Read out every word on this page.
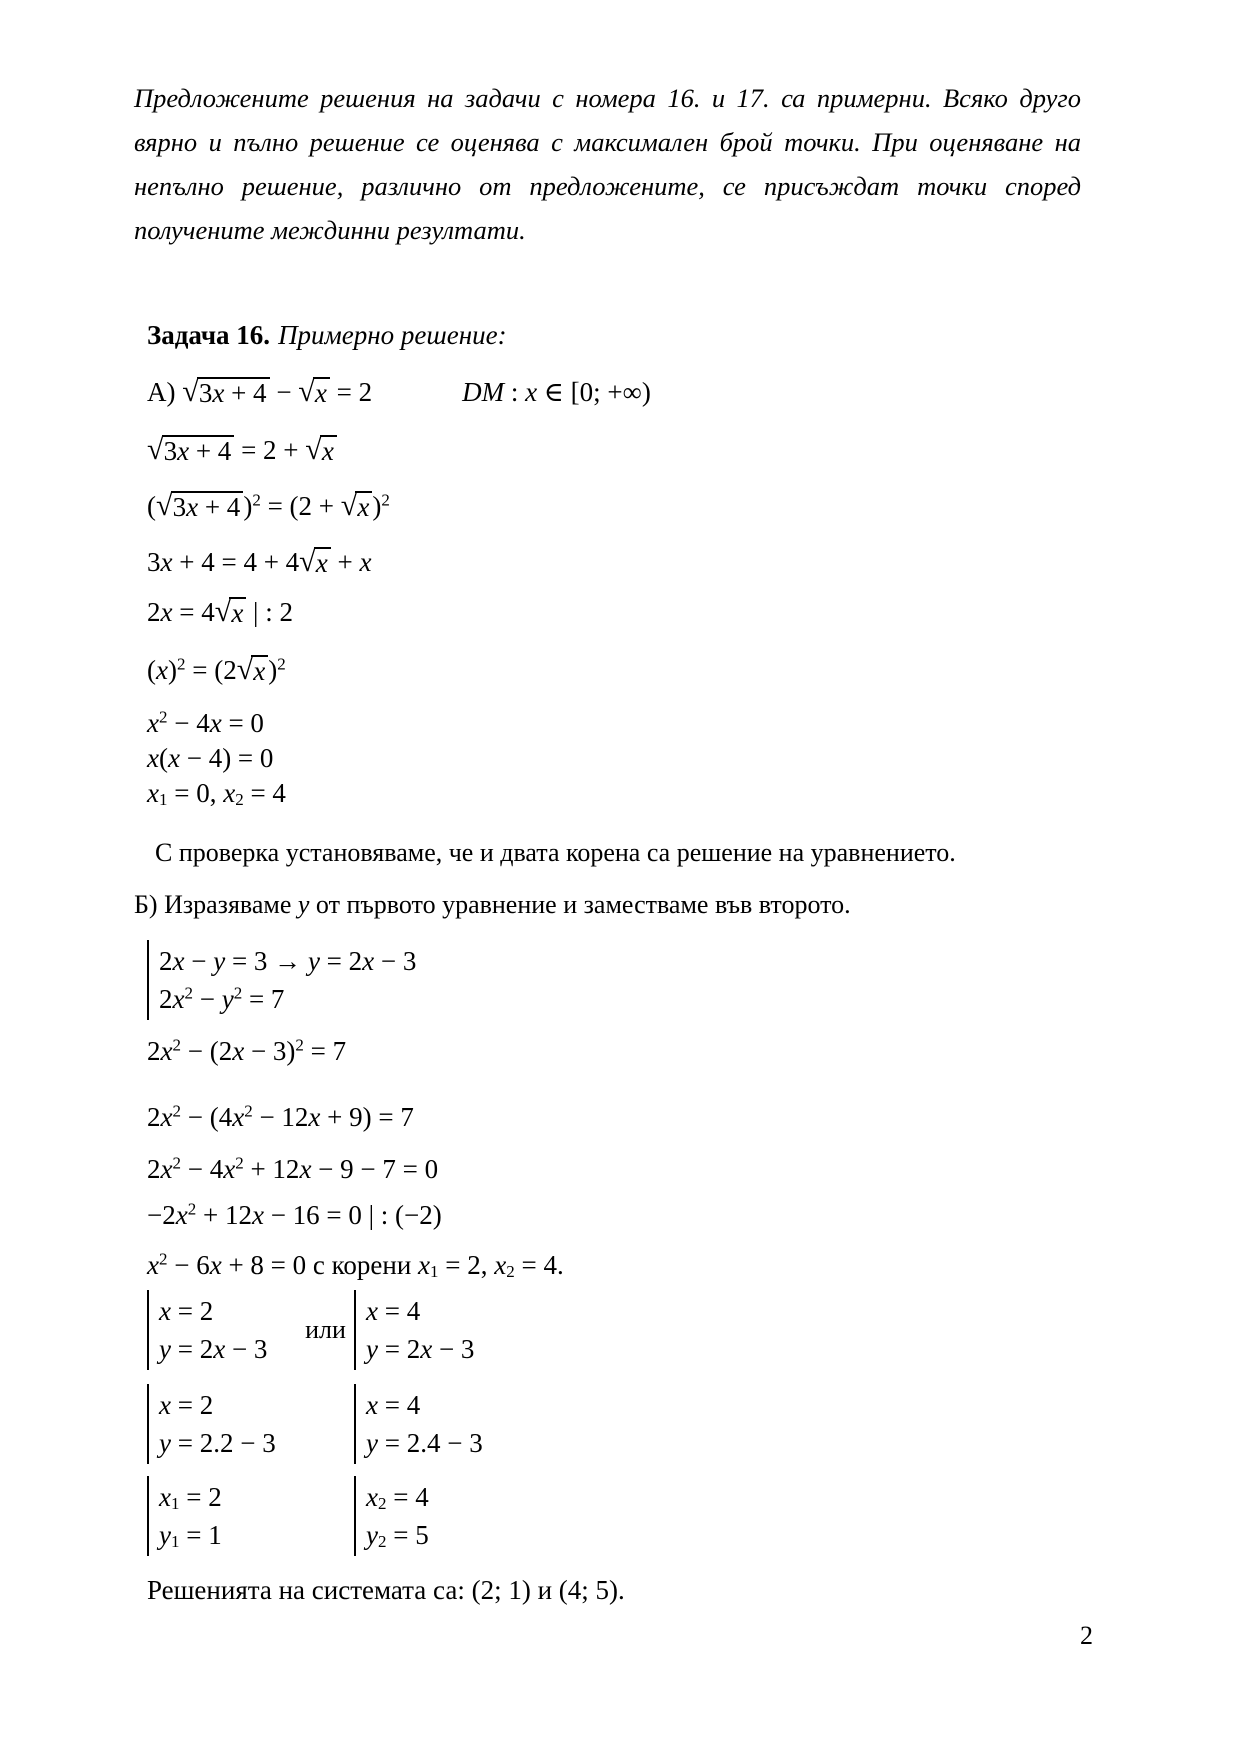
Предложените решения на задачи с номера 16. и 17. са примерни. Всяко друго вярно и пълно решение се оценява с максимален брой точки. При оценяване на непълно решение, различно от предложените, се присъждат точки според получените междинни резултати.

Задача 16. Примерно решение:

А) √ 3x + 4 − √ x = 2	DM : x ∈ [0; +∞)
√ 3x + 4 = 2 + √ x
( √ 3x + 4 )$^2$ = (2 + √ x )$^2$
3x + 4 = 4 + 4 √ x + x
2x = 4 √ x | : 2
$(x)^2 = (2$ √ x )$^2$
$x^2 - 4x = 0$
x(x − 4) = 0
$x_1 = 0$, $x_2 = 4$

С проверка установяваме, че и двата корена са решение на уравнението.

Б) Изразяваме y от първото уравнение и заместваме във второто.
2x − y = 3 → y = 2x − 3
$2x^2 - y^2 = 7$
$2x^2 - (2x - 3)^2 = 7$
$2x^2 - (4x^2 - 12x + 9) = 7$
$2x^2 - 4x^2 + 12x - 9 - 7 = 0$
$-2x^2 + 12x - 16 = 0$ | : (−2)
$x^2 - 6x + 8 = 0$ с корени $x_1 = 2$, $x_2 = 4$.
x = 2
y = 2x − 3
или
x = 4
y = 2x − 3
x = 2
y = 2.2 − 3
x = 4
y = 2.4 − 3
$x_1 = 2$
$y_1 = 1$
$x_2 = 4$
$y_2 = 5$
Решенията на системата са: (2; 1) и (4; 5).
2
